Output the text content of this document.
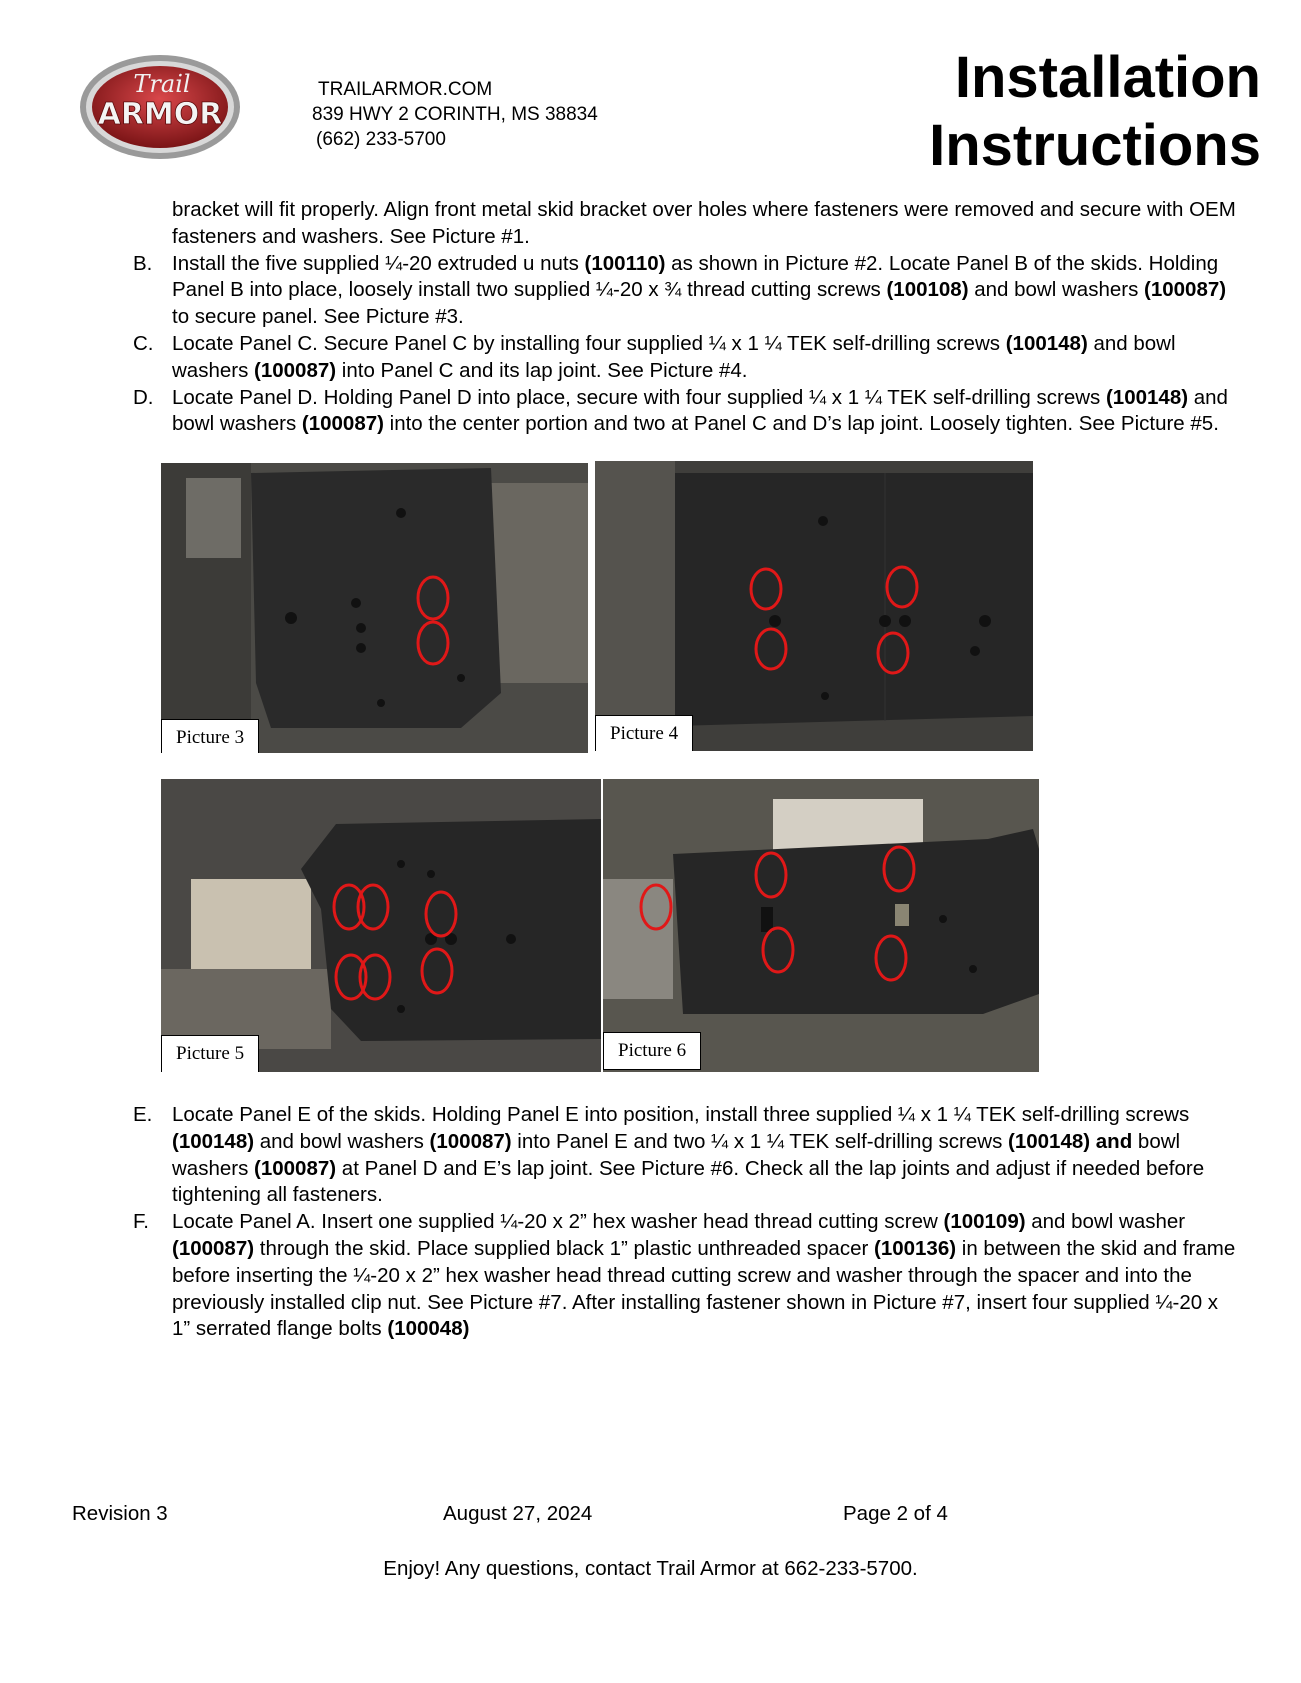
Trail
ARMOR
TRAILARMOR.COM
839 HWY 2 CORINTH, MS 38834
(662) 233-5700
Installation
Instructions
bracket will fit properly. Align front metal skid bracket over holes where fasteners were removed and secure with OEM fasteners and washers. See Picture #1.
B. Install the five supplied ¼-20 extruded u nuts (100110) as shown in Picture #2. Locate Panel B of the skids. Holding Panel B into place, loosely install two supplied ¼-20 x ¾ thread cutting screws (100108) and bowl washers (100087) to secure panel. See Picture #3.
C. Locate Panel C. Secure Panel C by installing four supplied ¼ x 1 ¼ TEK self-drilling screws (100148) and bowl washers (100087) into Panel C and its lap joint. See Picture #4.
D. Locate Panel D. Holding Panel D into place, secure with four supplied ¼ x 1 ¼ TEK self-drilling screws (100148) and bowl washers (100087) into the center portion and two at Panel C and D’s lap joint. Loosely tighten. See Picture #5.
Picture 3	Picture 4
Picture 5	Picture 6
E. Locate Panel E of the skids. Holding Panel E into position, install three supplied ¼ x 1 ¼ TEK self-drilling screws (100148) and bowl washers (100087) into Panel E and two ¼ x 1 ¼ TEK self-drilling screws (100148) and bowl washers (100087) at Panel D and E’s lap joint. See Picture #6. Check all the lap joints and adjust if needed before tightening all fasteners.
F. Locate Panel A. Insert one supplied ¼-20 x 2” hex washer head thread cutting screw (100109) and bowl washer (100087) through the skid. Place supplied black 1” plastic unthreaded spacer (100136) in between the skid and frame before inserting the ¼-20 x 2” hex washer head thread cutting screw and washer through the spacer and into the previously installed clip nut. See Picture #7. After installing fastener shown in Picture #7, insert four supplied ¼-20 x 1” serrated flange bolts (100048)
Revision 3	August 27, 2024	Page 2 of 4
Enjoy! Any questions, contact Trail Armor at 662-233-5700.
